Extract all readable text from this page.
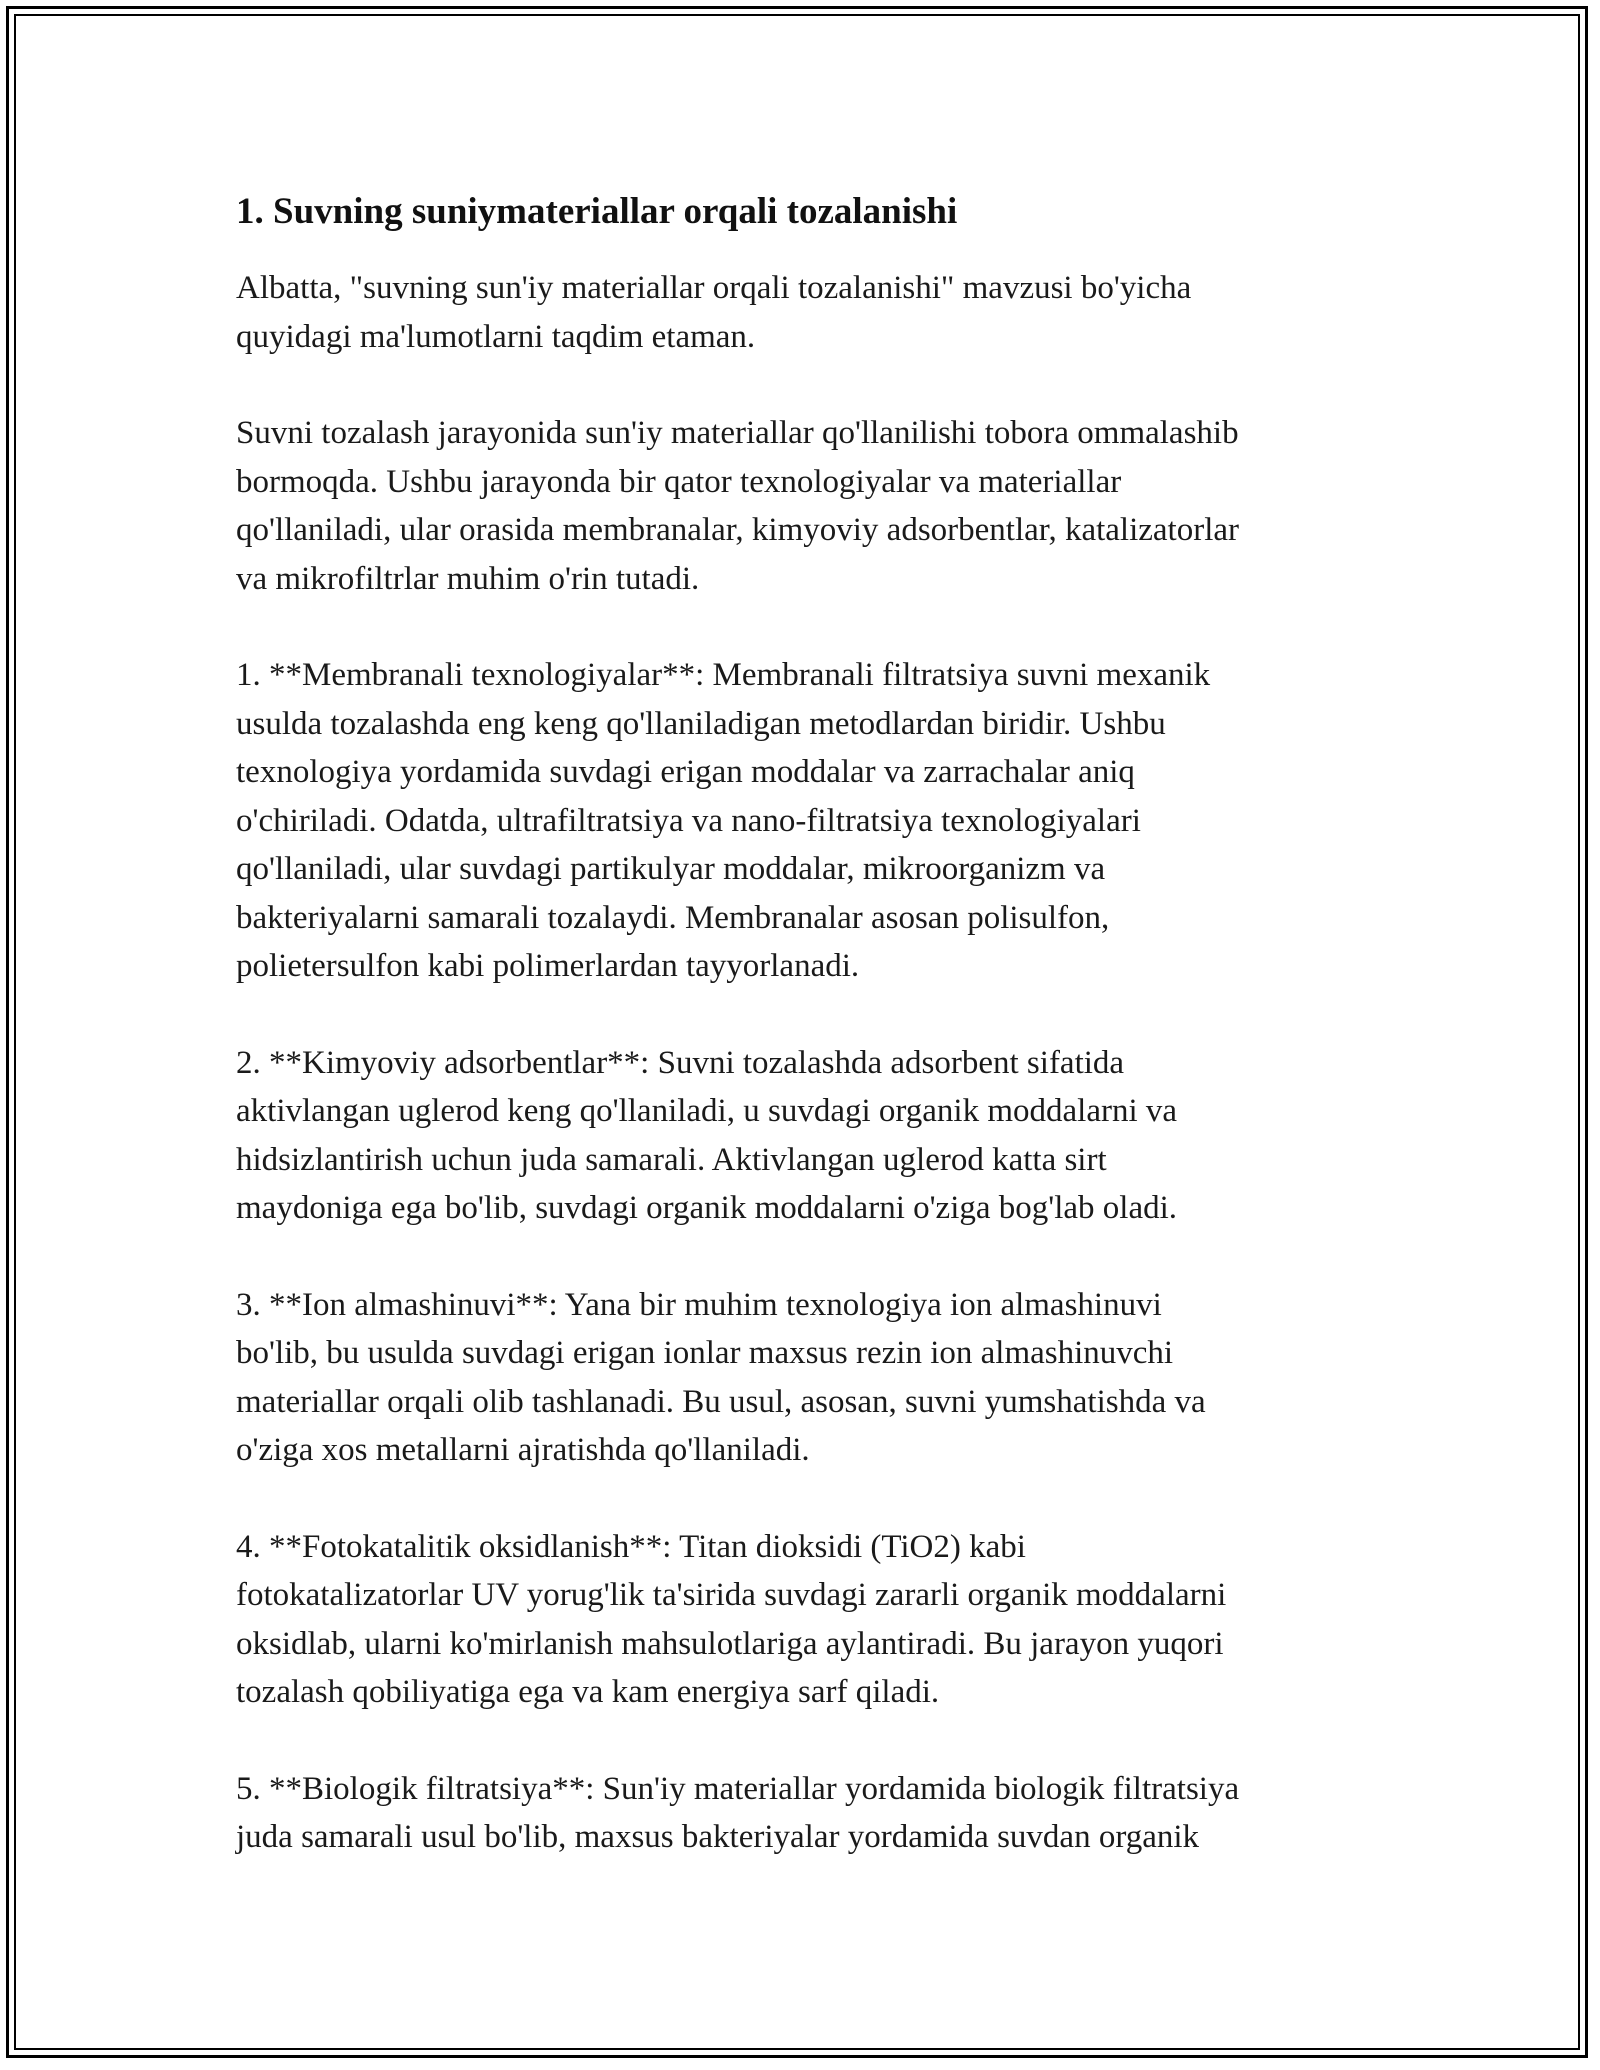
1. Suvning suniymateriallar orqali tozalanishi

Albatta, "suvning sun'iy materiallar orqali tozalanishi" mavzusi bo'yicha
quyidagi ma'lumotlarni taqdim etaman.

Suvni tozalash jarayonida sun'iy materiallar qo'llanilishi tobora ommalashib
bormoqda. Ushbu jarayonda bir qator texnologiyalar va materiallar
qo'llaniladi, ular orasida membranalar, kimyoviy adsorbentlar, katalizatorlar
va mikrofiltrlar muhim o'rin tutadi.

1. **Membranali texnologiyalar**: Membranali filtratsiya suvni mexanik
usulda tozalashda eng keng qo'llaniladigan metodlardan biridir. Ushbu
texnologiya yordamida suvdagi erigan moddalar va zarrachalar aniq
o'chiriladi. Odatda, ultrafiltratsiya va nano-filtratsiya texnologiyalari
qo'llaniladi, ular suvdagi partikulyar moddalar, mikroorganizm va
bakteriyalarni samarali tozalaydi. Membranalar asosan polisulfon,
polietersulfon kabi polimerlardan tayyorlanadi.

2. **Kimyoviy adsorbentlar**: Suvni tozalashda adsorbent sifatida
aktivlangan uglerod keng qo'llaniladi, u suvdagi organik moddalarni va
hidsizlantirish uchun juda samarali. Aktivlangan uglerod katta sirt
maydoniga ega bo'lib, suvdagi organik moddalarni o'ziga bog'lab oladi.

3. **Ion almashinuvi**: Yana bir muhim texnologiya ion almashinuvi
bo'lib, bu usulda suvdagi erigan ionlar maxsus rezin ion almashinuvchi
materiallar orqali olib tashlanadi. Bu usul, asosan, suvni yumshatishda va
o'ziga xos metallarni ajratishda qo'llaniladi.

4. **Fotokatalitik oksidlanish**: Titan dioksidi (TiO2) kabi
fotokatalizatorlar UV yorug'lik ta'sirida suvdagi zararli organik moddalarni
oksidlab, ularni ko'mirlanish mahsulotlariga aylantiradi. Bu jarayon yuqori
tozalash qobiliyatiga ega va kam energiya sarf qiladi.

5. **Biologik filtratsiya**: Sun'iy materiallar yordamida biologik filtratsiya
juda samarali usul bo'lib, maxsus bakteriyalar yordamida suvdan organik
